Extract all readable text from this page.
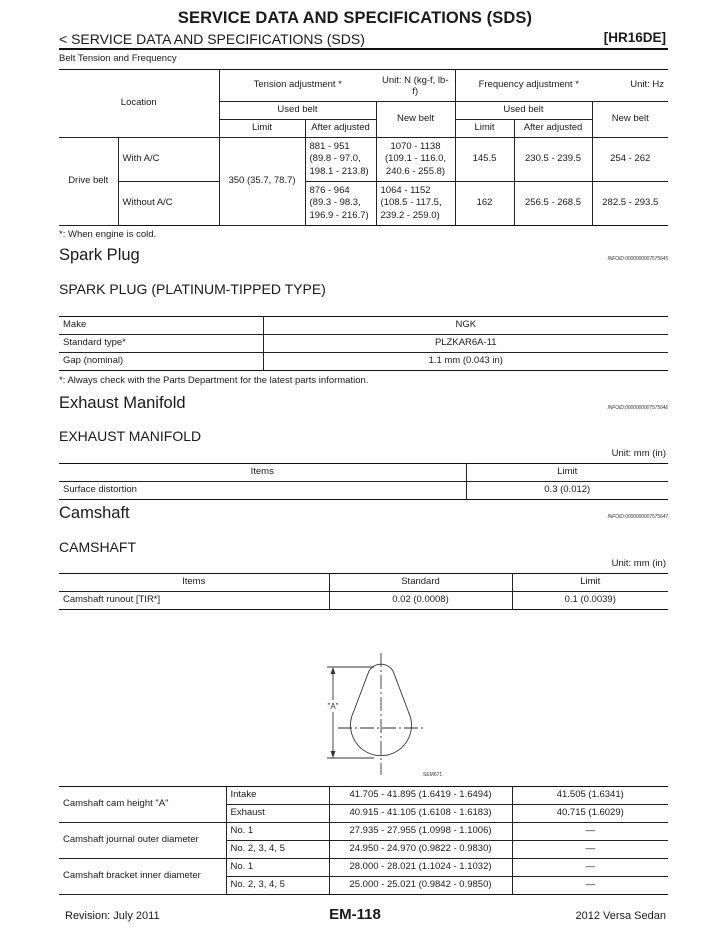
SERVICE DATA AND SPECIFICATIONS (SDS)
< SERVICE DATA AND SPECIFICATIONS (SDS)	[HR16DE]
Belt Tension and Frequency
Location		Tension adjustment *		Unit: N (kg-f, lb-f)	Frequency adjustment *		Unit: Hz
		Used belt		New belt	Used belt		New belt
		Limit	After adjusted		Limit	After adjusted	
Drive belt	With A/C	350 (35.7, 78.7)	881 - 951 (89.8 - 97.0, 198.1 - 213.8)	1070 - 1138 (109.1 - 116.0, 240.6 - 255.8)	145.5	230.5 - 239.5	254 - 262
	Without A/C		876 - 964 (89.3 - 98.3, 196.9 - 216.7)	1064 - 1152 (108.5 - 117.5, 239.2 - 259.0)	162	256.5 - 268.5	282.5 - 293.5
*: When engine is cold.
Spark Plug	INFOID:0000000007575645
SPARK PLUG (PLATINUM-TIPPED TYPE)
Make	NGK
Standard type*	PLZKAR6A-11
Gap (nominal)	1.1 mm (0.043 in)
*: Always check with the Parts Department for the latest parts information.
Exhaust Manifold	INFOID:0000000007575646
EXHAUST MANIFOLD
Unit: mm (in)
Items	Limit
Surface distortion	0.3 (0.012)
Camshaft	INFOID:0000000007575647
CAMSHAFT
Unit: mm (in)
Items	Standard	Limit
Camshaft runout [TIR*]	0.02 (0.0008)	0.1 (0.0039)
"A"
SEM671
Camshaft cam height "A"	Intake	41.705 - 41.895 (1.6419 - 1.6494)	41.505 (1.6341)
	Exhaust	40.915 - 41.105 (1.6108 - 1.6183)	40.715 (1.6029)
Camshaft journal outer diameter	No. 1	27.935 - 27.955 (1.0998 - 1.1006)	—
	No. 2, 3, 4, 5	24.950 - 24.970 (0.9822 - 0.9830)	—
Camshaft bracket inner diameter	No. 1	28.000 - 28.021 (1.1024 - 1.1032)	—
	No. 2, 3, 4, 5	25.000 - 25.021 (0.9842 - 0.9850)	—
Revision: July 2011	EM-118	2012 Versa Sedan
